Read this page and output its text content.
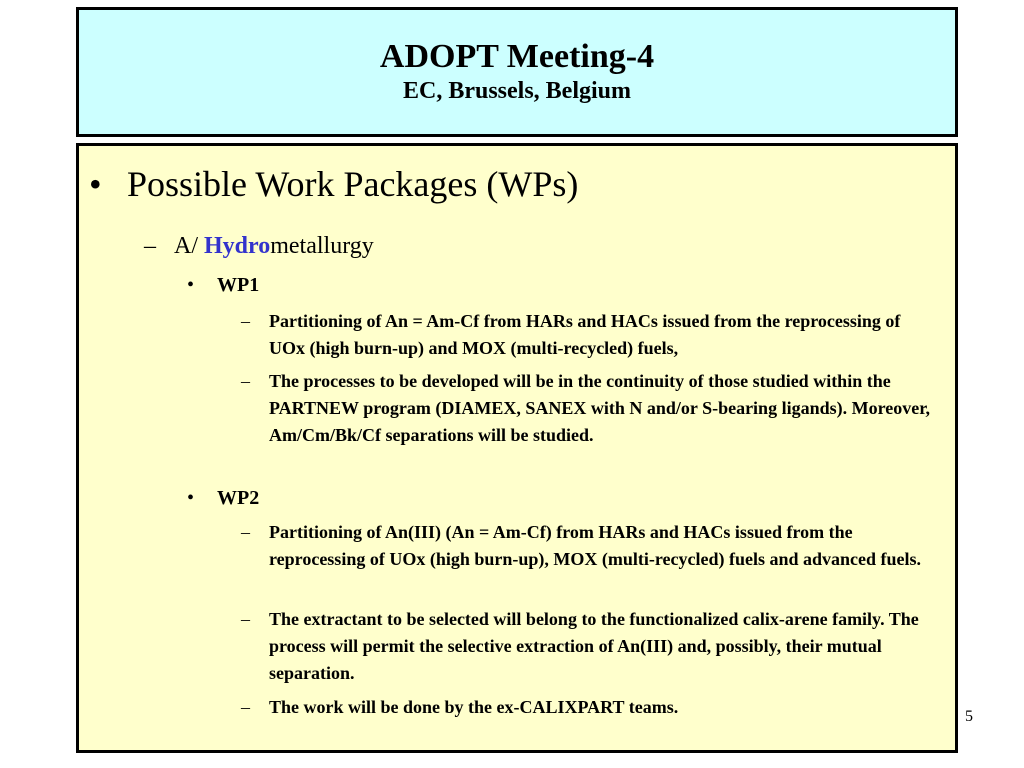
ADOPT Meeting-4
EC, Brussels, Belgium
• Possible Work Packages (WPs)
– A/ Hydrometallurgy
• WP1
– Partitioning of An = Am-Cf from HARs and HACs issued from the reprocessing of UOx (high burn-up) and MOX (multi-recycled) fuels,
– The processes to be developed will be in the continuity of those studied within the PARTNEW program (DIAMEX, SANEX with N and/or S-bearing ligands). Moreover, Am/Cm/Bk/Cf separations will be studied.
• WP2
– Partitioning of An(III) (An = Am-Cf) from HARs and HACs issued from the reprocessing of UOx (high burn-up), MOX (multi-recycled) fuels and advanced fuels.
– The extractant to be selected will belong to the functionalized calix-arene family. The process will permit the selective extraction of An(III) and, possibly, their mutual separation.
– The work will be done by the ex-CALIXPART teams.	5
